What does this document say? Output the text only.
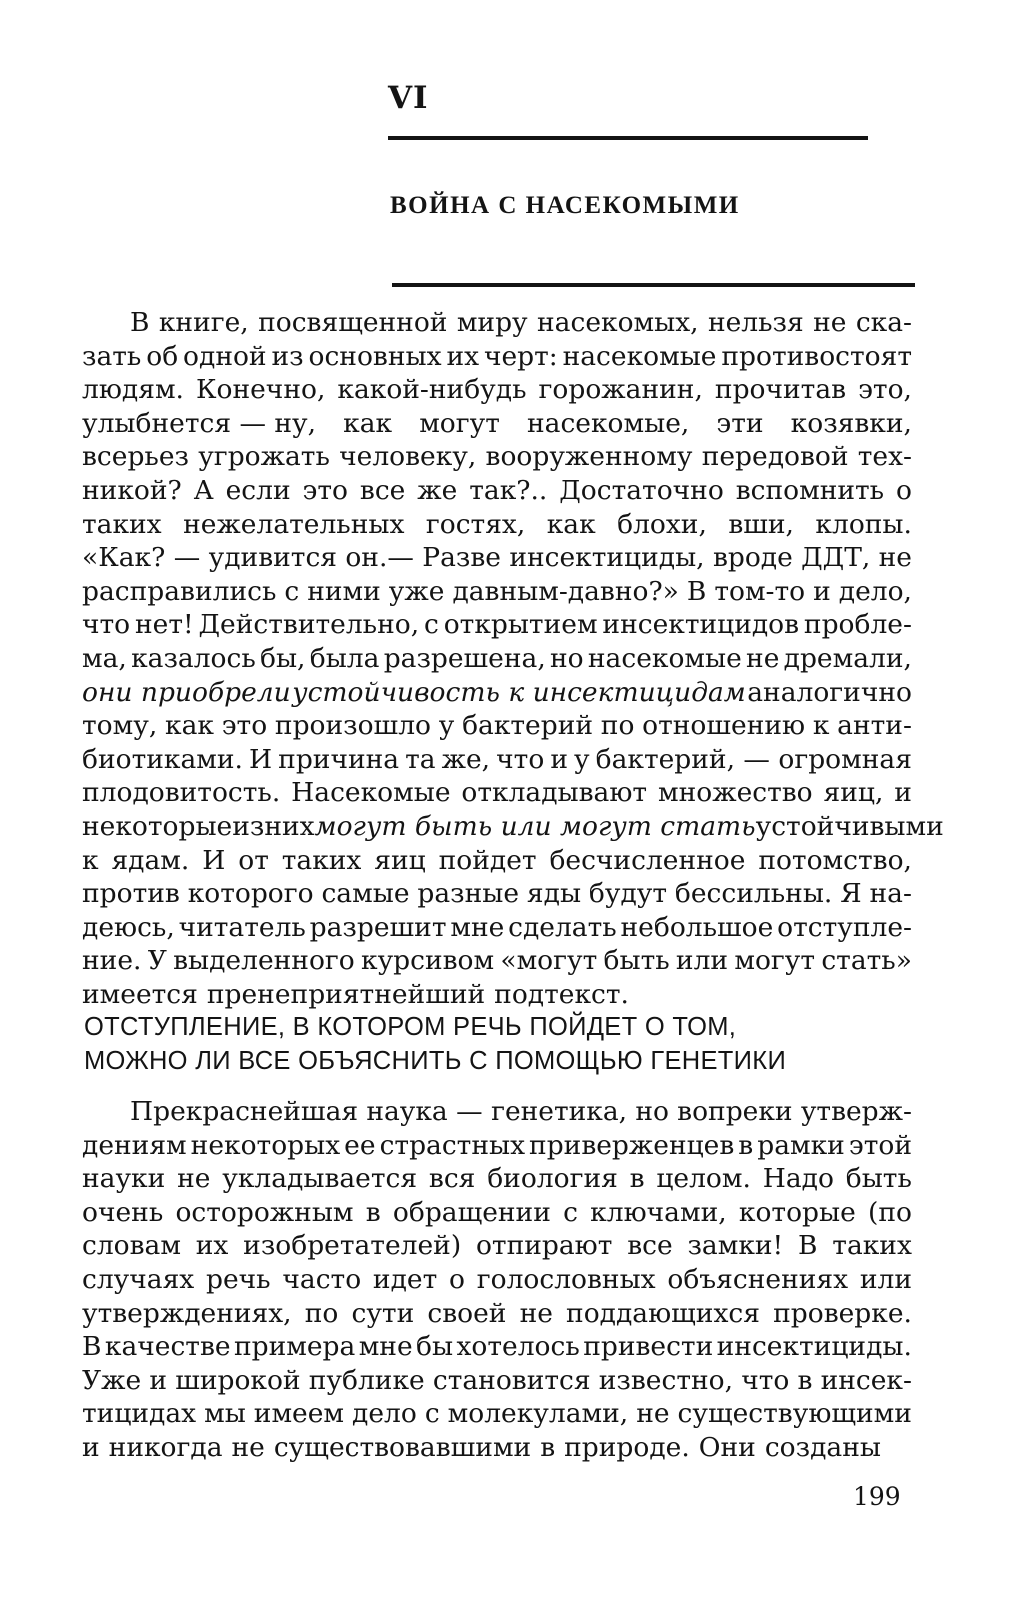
VI
ВОЙНА С НАСЕКОМЫМИ
В книге, посвященной миру насекомых, нельзя не ска-
зать об одной из основных их черт: насекомые противостоят
людям. Конечно, какой-нибудь горожанин, прочитав это,
улыбнется — ну, как могут насекомые, эти козявки,
всерьез угрожать человеку, вооруженному передовой тех-
никой? А если это все же так?.. Достаточно вспомнить о
таких нежелательных гостях, как блохи, вши, клопы.
«Как? — удивится он.— Разве инсектициды, вроде ДДТ, не
расправились с ними уже давным-давно?» В том-то и дело,
что нет! Действительно, с открытием инсектицидов пробле-
ма, казалось бы, была разрешена, но насекомые не дремали,
они приобрели устойчивость к инсектицидам аналогично
тому, как это произошло у бактерий по отношению к анти-
биотиками. И причина та же, что и у бактерий, — огромная
плодовитость. Насекомые откладывают множество яиц, и
некоторые из них могут быть или могут стать устойчивыми
к ядам. И от таких яиц пойдет бесчисленное потомство,
против которого самые разные яды будут бессильны. Я на-
деюсь, читатель разрешит мне сделать небольшое отступле-
ние. У выделенного курсивом «могут быть или могут стать»
имеется пренеприятнейший подтекст.
ОТСТУПЛЕНИЕ, В КОТОРОМ РЕЧЬ ПОЙДЕТ О ТОМ,
МОЖНО ЛИ ВСЕ ОБЪЯСНИТЬ С ПОМОЩЬЮ ГЕНЕТИКИ
Прекраснейшая наука — генетика, но вопреки утверж-
дениям некоторых ее страстных приверженцев в рамки этой
науки не укладывается вся биология в целом. Надо быть
очень осторожным в обращении с ключами, которые (по
словам их изобретателей) отпирают все замки! В таких
случаях речь часто идет о голословных объяснениях или
утверждениях, по сути своей не поддающихся проверке.
В качестве примера мне бы хотелось привести инсектициды.
Уже и широкой публике становится известно, что в инсек-
тицидах мы имеем дело с молекулами, не существующими
и никогда не существовавшими в природе. Они созданы
199
